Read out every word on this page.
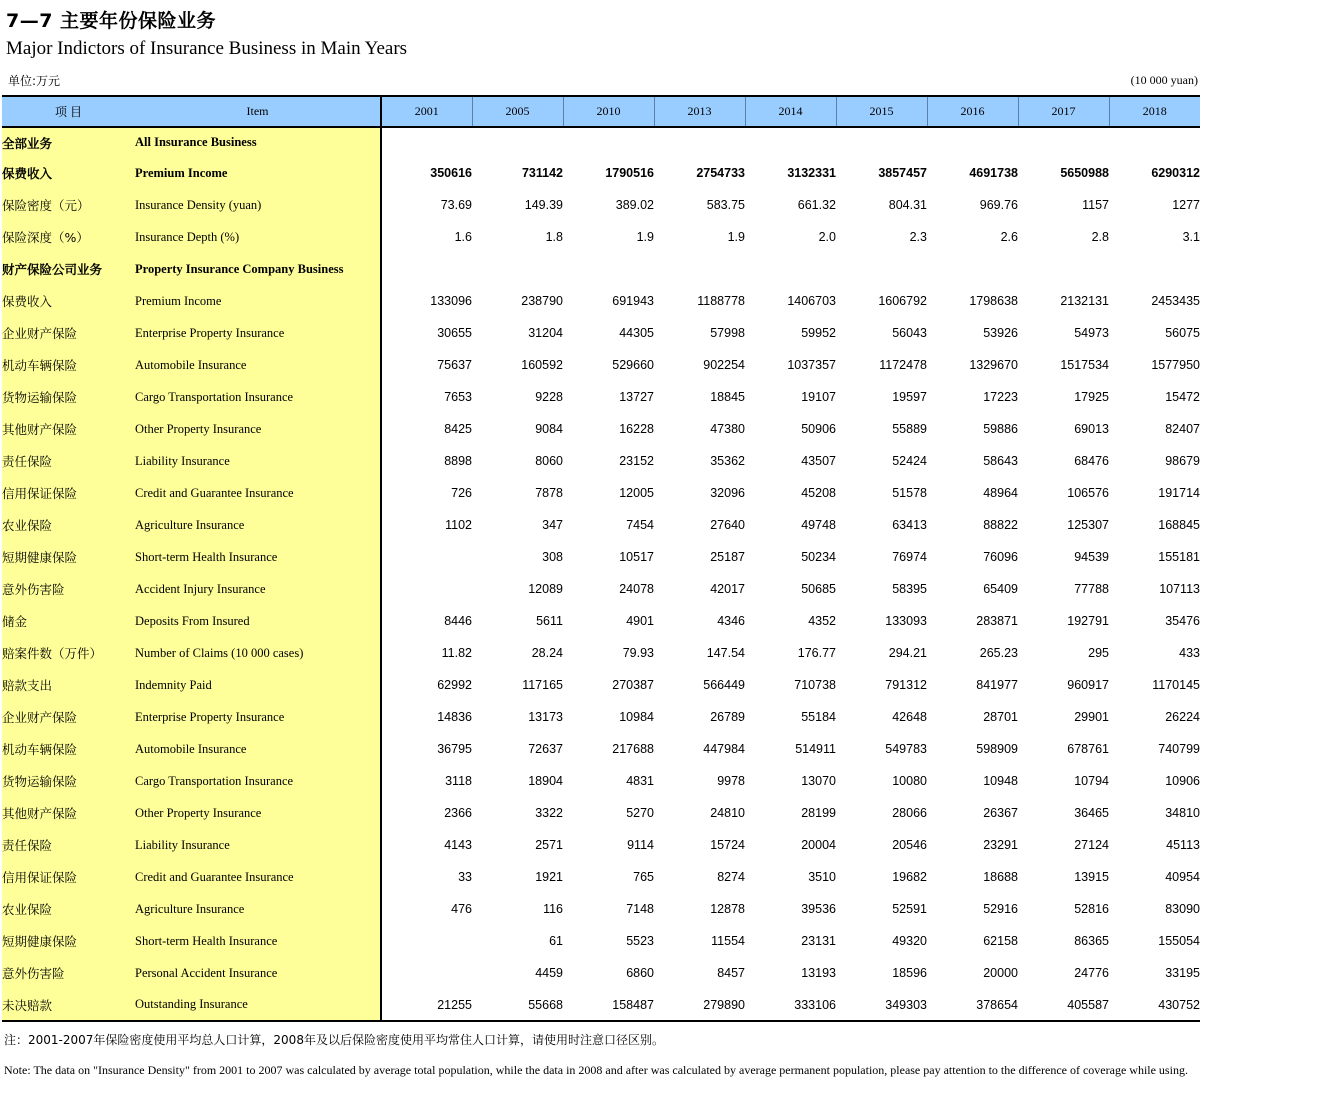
7—7 主要年份保险业务
Major Indictors of Insurance Business in Main Years
单位:万元	(10 000 yuan)
项 目	Item	2001	2005	2010	2013	2014	2015	2016	2017	2018
全部业务	All Insurance Business									
保费收入	Premium Income	350616	731142	1790516	2754733	3132331	3857457	4691738	5650988	6290312
保险密度（元）	Insurance Density (yuan)	73.69	149.39	389.02	583.75	661.32	804.31	969.76	1157	1277
保险深度（%）	Insurance Depth (%)	1.6	1.8	1.9	1.9	2.0	2.3	2.6	2.8	3.1
财产保险公司业务	Property Insurance Company Business									
保费收入	Premium Income	133096	238790	691943	1188778	1406703	1606792	1798638	2132131	2453435
企业财产保险	Enterprise Property Insurance	30655	31204	44305	57998	59952	56043	53926	54973	56075
机动车辆保险	Automobile Insurance	75637	160592	529660	902254	1037357	1172478	1329670	1517534	1577950
货物运输保险	Cargo Transportation Insurance	7653	9228	13727	18845	19107	19597	17223	17925	15472
其他财产保险	Other Property Insurance	8425	9084	16228	47380	50906	55889	59886	69013	82407
责任保险	Liability Insurance	8898	8060	23152	35362	43507	52424	58643	68476	98679
信用保证保险	Credit and Guarantee Insurance	726	7878	12005	32096	45208	51578	48964	106576	191714
农业保险	Agriculture Insurance	1102	347	7454	27640	49748	63413	88822	125307	168845
短期健康保险	Short-term Health Insurance		308	10517	25187	50234	76974	76096	94539	155181
意外伤害险	Accident Injury Insurance		12089	24078	42017	50685	58395	65409	77788	107113
储金	Deposits From Insured	8446	5611	4901	4346	4352	133093	283871	192791	35476
赔案件数（万件）	Number of Claims (10 000 cases)	11.82	28.24	79.93	147.54	176.77	294.21	265.23	295	433
赔款支出	Indemnity Paid	62992	117165	270387	566449	710738	791312	841977	960917	1170145
企业财产保险	Enterprise Property Insurance	14836	13173	10984	26789	55184	42648	28701	29901	26224
机动车辆保险	Automobile Insurance	36795	72637	217688	447984	514911	549783	598909	678761	740799
货物运输保险	Cargo Transportation Insurance	3118	18904	4831	9978	13070	10080	10948	10794	10906
其他财产保险	Other Property Insurance	2366	3322	5270	24810	28199	28066	26367	36465	34810
责任保险	Liability Insurance	4143	2571	9114	15724	20004	20546	23291	27124	45113
信用保证保险	Credit and Guarantee Insurance	33	1921	765	8274	3510	19682	18688	13915	40954
农业保险	Agriculture Insurance	476	116	7148	12878	39536	52591	52916	52816	83090
短期健康保险	Short-term Health Insurance		61	5523	11554	23131	49320	62158	86365	155054
意外伤害险	Personal Accident Insurance		4459	6860	8457	13193	18596	20000	24776	33195
未决赔款	Outstanding Insurance	21255	55668	158487	279890	333106	349303	378654	405587	430752
注：2001-2007年保险密度使用平均总人口计算，2008年及以后保险密度使用平均常住人口计算，请使用时注意口径区别。
Note: The data on "Insurance Density" from 2001 to 2007 was calculated by average total population, while the data in 2008 and after was calculated by average permanent population, please pay attention to the difference of coverage while using.
